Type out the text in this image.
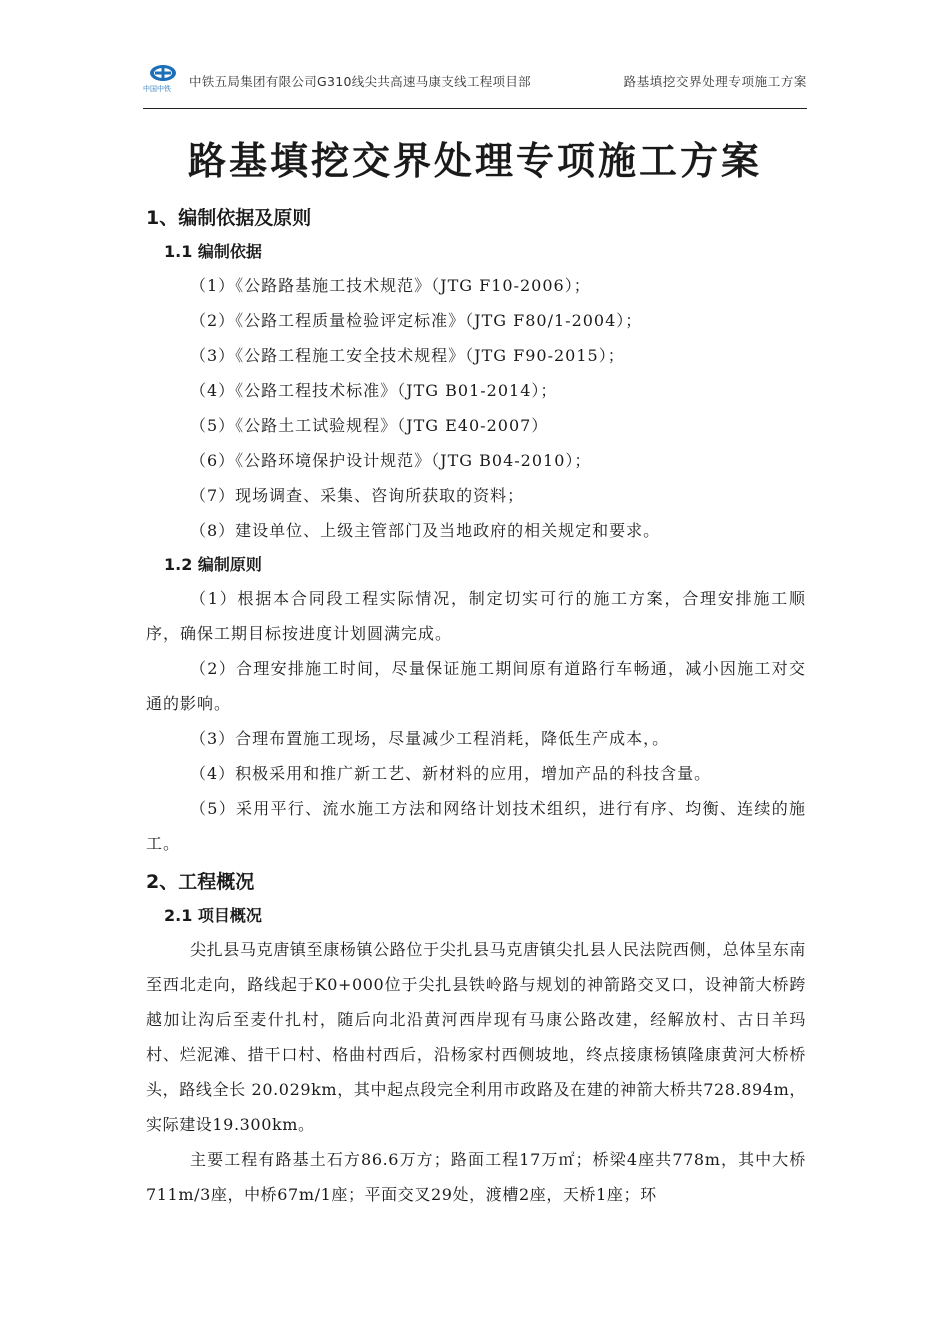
中国中铁	中铁五局集团有限公司G310线尖共高速马康支线工程项目部	路基填挖交界处理专项施工方案
路基填挖交界处理专项施工方案
1、编制依据及原则
1.1 编制依据
（1）《公路路基施工技术规范》（JTG F10-2006）；
（2）《公路工程质量检验评定标准》（JTG F80/1-2004）；
（3）《公路工程施工安全技术规程》（JTG F90-2015）；
（4）《公路工程技术标准》（JTG B01-2014）；
（5）《公路土工试验规程》（JTG E40-2007）
（6）《公路环境保护设计规范》（JTG B04-2010）；
（7）现场调查、采集、咨询所获取的资料；
（8）建设单位、上级主管部门及当地政府的相关规定和要求。
1.2 编制原则

（1）根据本合同段工程实际情况，制定切实可行的施工方案，合理安排施工顺序，确保工期目标按进度计划圆满完成。

（2）合理安排施工时间，尽量保证施工期间原有道路行车畅通，减小因施工对交通的影响。

（3）合理布置施工现场，尽量减少工程消耗，降低生产成本，。

（4）积极采用和推广新工艺、新材料的应用，增加产品的科技含量。

（5）采用平行、流水施工方法和网络计划技术组织，进行有序、均衡、连续的施工。

2、工程概况
2.1 项目概况

尖扎县马克唐镇至康杨镇公路位于尖扎县马克唐镇尖扎县人民法院西侧，总体呈东南至西北走向，路线起于K0+000位于尖扎县铁岭路与规划的神箭路交叉口，设神箭大桥跨越加让沟后至麦什扎村，随后向北沿黄河西岸现有马康公路改建，经解放村、古日羊玛村、烂泥滩、措干口村、格曲村西后，沿杨家村西侧坡地，终点接康杨镇隆康黄河大桥桥头，路线全长 20.029km，其中起点段完全利用市政路及在建的神箭大桥共728.894m，实际建设19.300km。

主要工程有路基土石方86.6万方；路面工程17万㎡；桥梁4座共778m，其中大桥711m/3座，中桥67m/1座；平面交叉29处，渡槽2座，天桥1座；环
